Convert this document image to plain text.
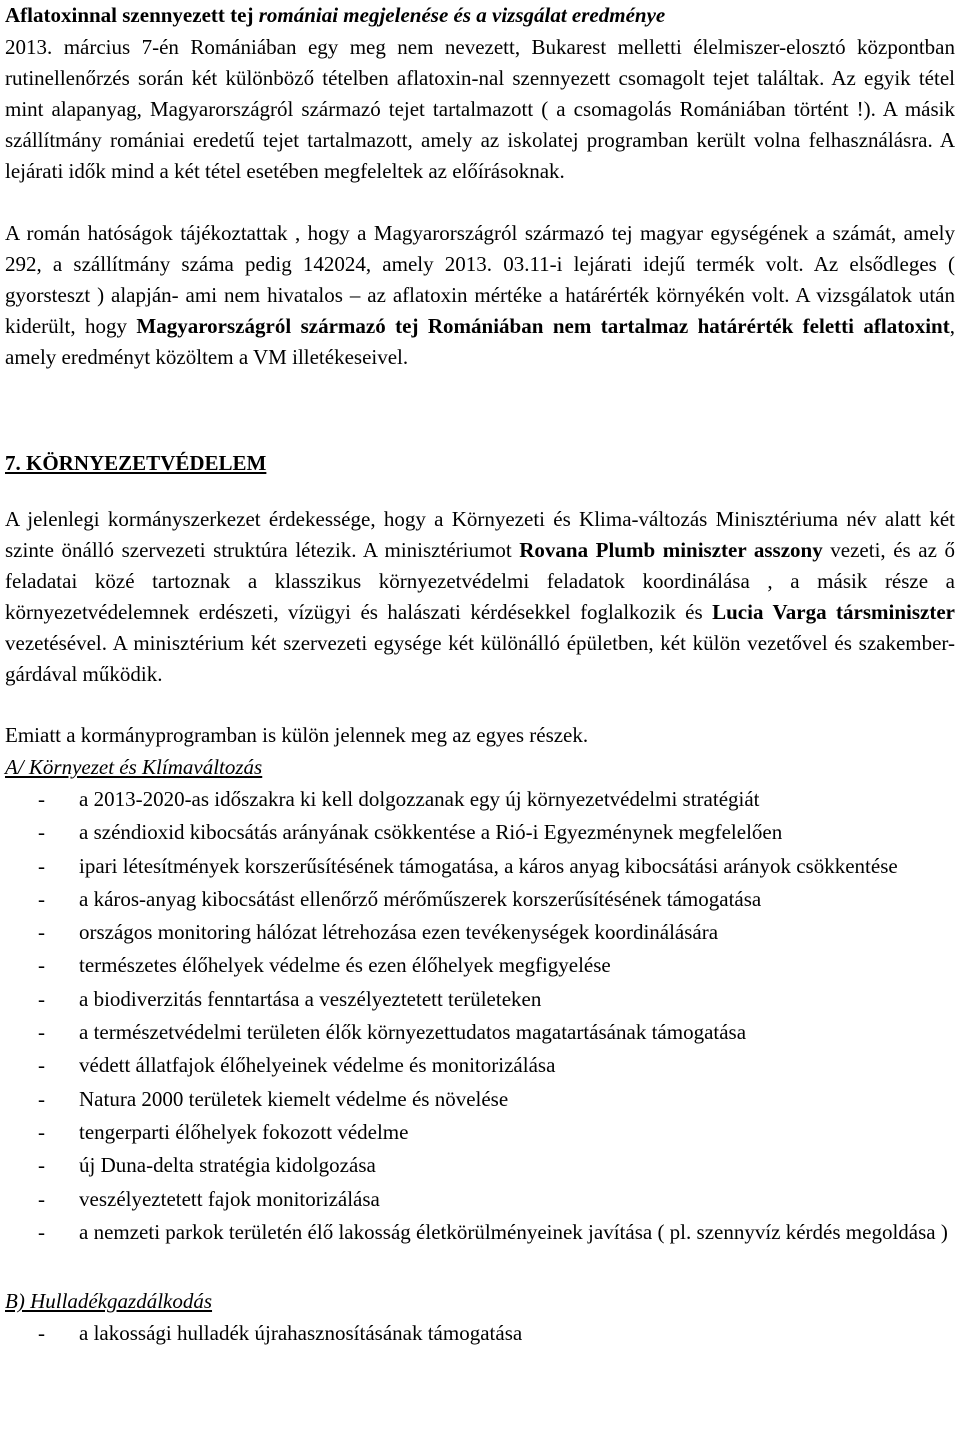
Aflatoxinnal szennyezett tej romániai megjelenése és a vizsgálat eredménye

2013. március 7-én Romániában egy meg nem nevezett, Bukarest melletti élelmiszer-elosztó központban rutinellenőrzés során két különböző tételben aflatoxin-nal szennyezett csomagolt tejet találtak. Az egyik tétel mint alapanyag, Magyarországról származó tejet tartalmazott ( a csomagolás Romániában történt !). A másik szállítmány romániai eredetű tejet tartalmazott, amely az iskolatej programban került volna felhasználásra. A lejárati idők mind a két tétel esetében megfeleltek az előírásoknak.

A román hatóságok tájékoztattak , hogy a Magyarországról származó tej magyar egységének a számát, amely 292, a szállítmány száma pedig 142024, amely 2013. 03.11-i lejárati idejű termék volt. Az elsődleges ( gyorsteszt ) alapján- ami nem hivatalos – az aflatoxin mértéke a határérték környékén volt. A vizsgálatok után kiderült, hogy Magyarországról származó tej Romániában nem tartalmaz határérték feletti aflatoxint, amely eredményt közöltem a VM illetékeseivel.

7. KÖRNYEZETVÉDELEM

A jelenlegi kormányszerkezet érdekessége, hogy a Környezeti és Klima-változás Minisztériuma név alatt két szinte önálló szervezeti struktúra létezik. A minisztériumot Rovana Plumb miniszter asszony vezeti, és az ő feladatai közé tartoznak a klasszikus környezetvédelmi feladatok koordinálása , a másik része a környezetvédelemnek erdészeti, vízügyi és halászati kérdésekkel foglalkozik és Lucia Varga társminiszter vezetésével. A minisztérium két szervezeti egysége két különálló épületben, két külön vezetővel és szakember-gárdával működik.

Emiatt a kormányprogramban is külön jelennek meg az egyes részek.

A/ Környezet és Klímaváltozás

- a 2013-2020-as időszakra ki kell dolgozzanak egy új környezetvédelmi stratégiát
- a széndioxid kibocsátás arányának csökkentése a Rió-i Egyezménynek megfelelően
- ipari létesítmények korszerűsítésének támogatása, a káros anyag kibocsátási arányok csökkentése
- a káros-anyag kibocsátást ellenőrző mérőműszerek korszerűsítésének támogatása
- országos monitoring hálózat létrehozása ezen tevékenységek koordinálására
- természetes élőhelyek védelme és ezen élőhelyek megfigyelése
- a biodiverzitás fenntartása a veszélyeztetett területeken
- a természetvédelmi területen élők környezettudatos magatartásának támogatása
- védett állatfajok élőhelyeinek védelme és monitorizálása
- Natura 2000 területek kiemelt védelme és növelése
- tengerparti élőhelyek fokozott védelme
- új Duna-delta stratégia kidolgozása
- veszélyeztetett fajok monitorizálása
- a nemzeti parkok területén élő lakosság életkörülményeinek javítása ( pl. szennyvíz kérdés megoldása )

B) Hulladékgazdálkodás

- a lakossági hulladék újrahasznosításának támogatása
